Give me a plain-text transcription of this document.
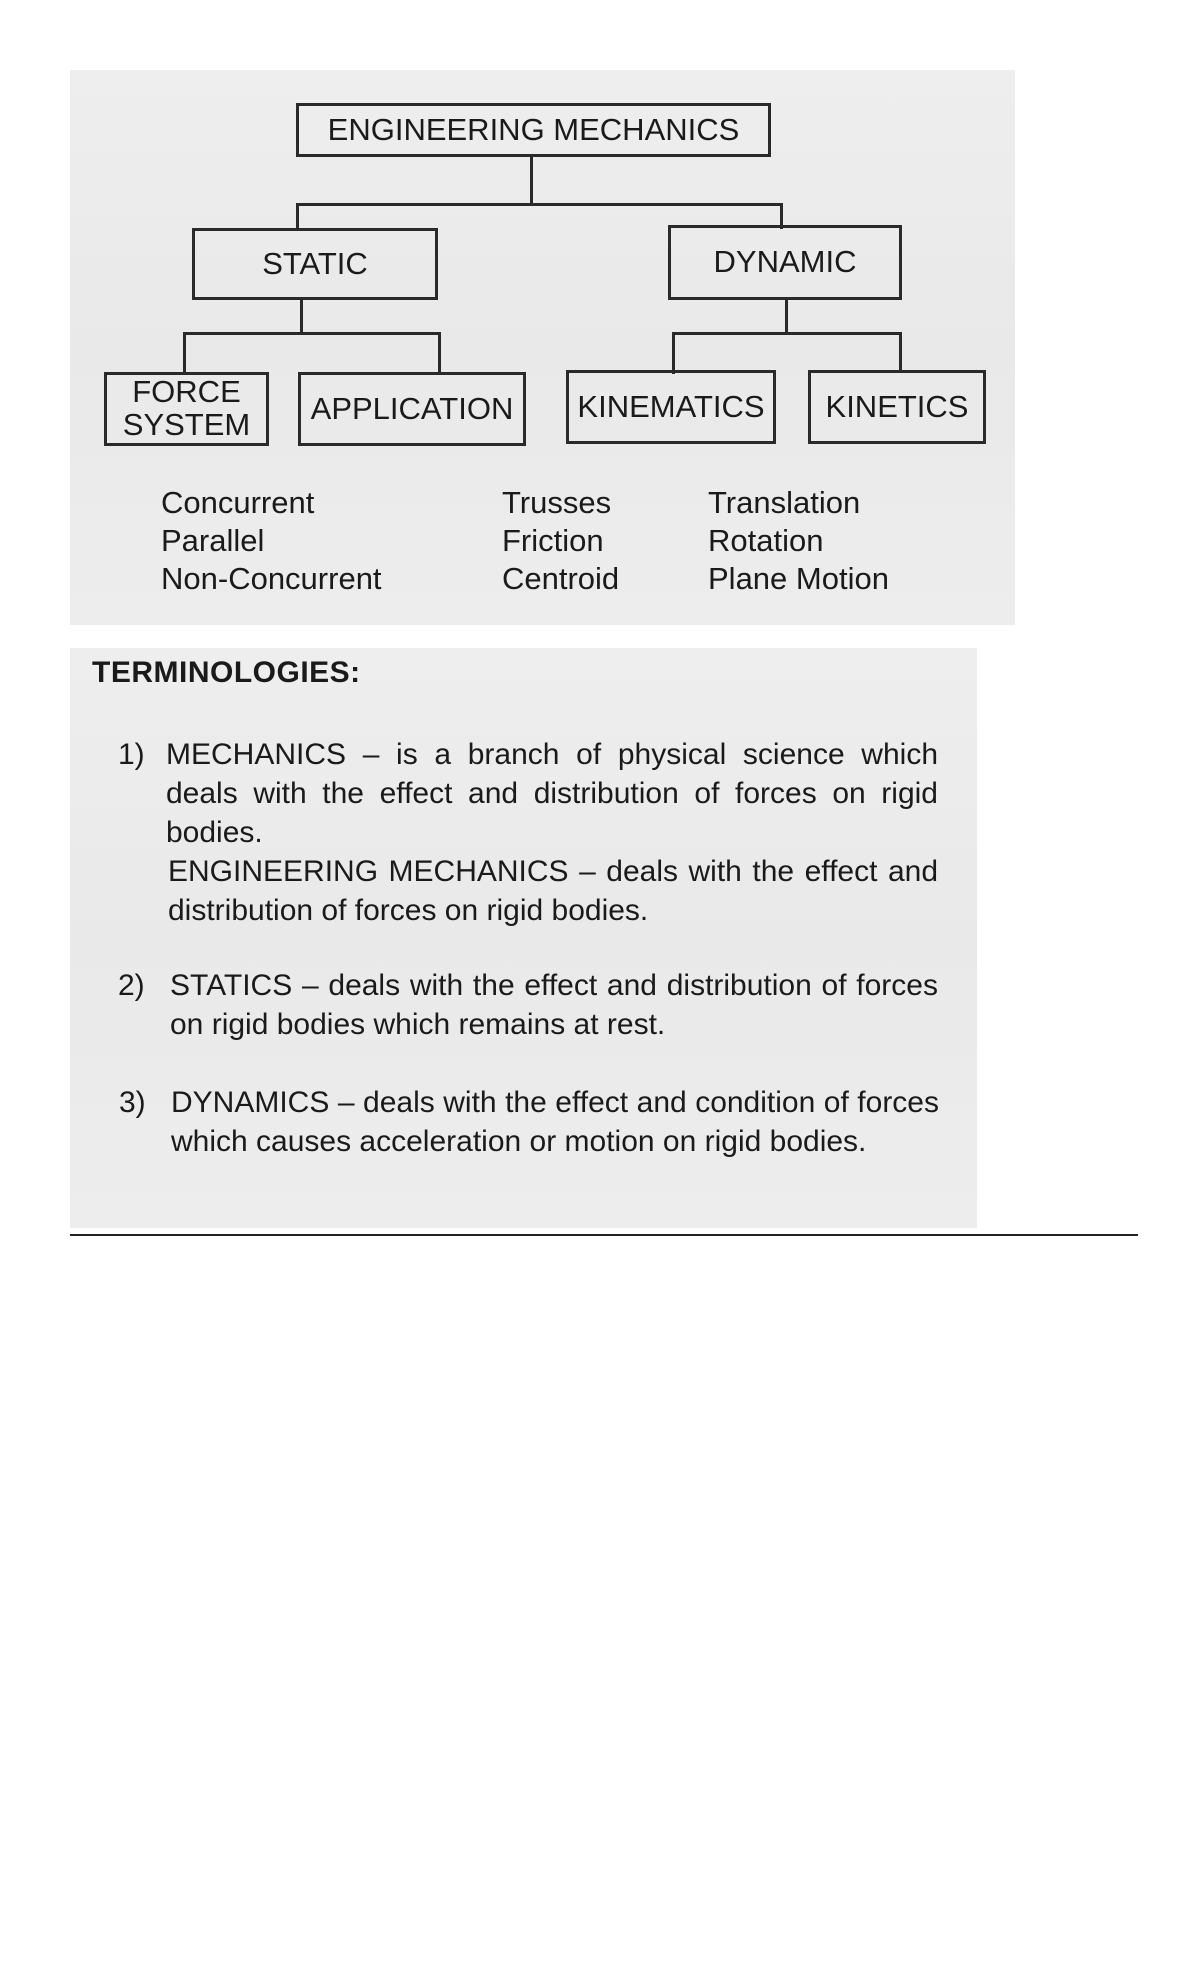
ENGINEERING MECHANICS
STATIC	DYNAMIC
FORCE
SYSTEM APPLICATION KINEMATICS KINETICS
Concurrent
Parallel
Non-Concurrent
Trusses
Friction
Centroid
Translation
Rotation
Plane Motion
TERMINOLOGIES:
1) MECHANICS – is a branch of physical science which deals with the effect and distribution of forces on rigid bodies.
ENGINEERING MECHANICS – deals with the effect and distribution of forces on rigid bodies.
2) STATICS – deals with the effect and distribution of forces on rigid bodies which remains at rest.
3) DYNAMICS – deals with the effect and condition of forces which causes acceleration or motion on rigid bodies.
